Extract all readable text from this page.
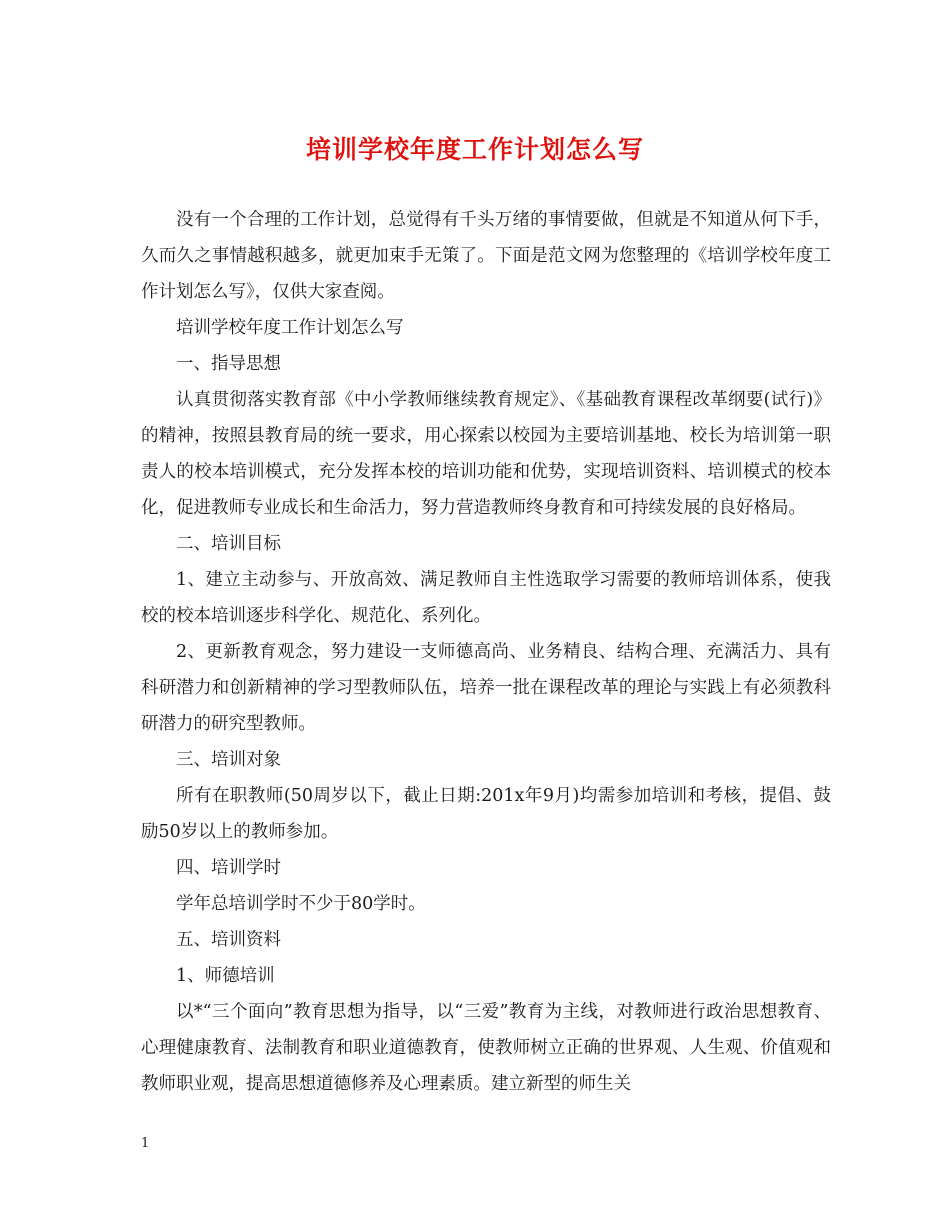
培训学校年度工作计划怎么写

没有一个合理的工作计划，总觉得有千头万绪的事情要做，但就是不知道从何下手，久而久之事情越积越多，就更加束手无策了。下面是范文网为您整理的《培训学校年度工作计划怎么写》，仅供大家查阅。

培训学校年度工作计划怎么写

一、指导思想

认真贯彻落实教育部《中小学教师继续教育规定》、《基础教育课程改革纲要(试行)》的精神，按照县教育局的统一要求，用心探索以校园为主要培训基地、校长为培训第一职责人的校本培训模式，充分发挥本校的培训功能和优势，实现培训资料、培训模式的校本化，促进教师专业成长和生命活力，努力营造教师终身教育和可持续发展的良好格局。

二、培训目标

1、建立主动参与、开放高效、满足教师自主性选取学习需要的教师培训体系，使我校的校本培训逐步科学化、规范化、系列化。

2、更新教育观念，努力建设一支师德高尚、业务精良、结构合理、充满活力、具有科研潜力和创新精神的学习型教师队伍，培养一批在课程改革的理论与实践上有必须教科研潜力的研究型教师。

三、培训对象

所有在职教师(50周岁以下，截止日期:201x年9月)均需参加培训和考核，提倡、鼓励50岁以上的教师参加。

四、培训学时

学年总培训学时不少于80学时。

五、培训资料

1、师德培训

以*“三个面向”教育思想为指导，以“三爱”教育为主线，对教师进行政治思想教育、心理健康教育、法制教育和职业道德教育，使教师树立正确的世界观、人生观、价值观和教师职业观，提高思想道德修养及心理素质。建立新型的师生关

1
